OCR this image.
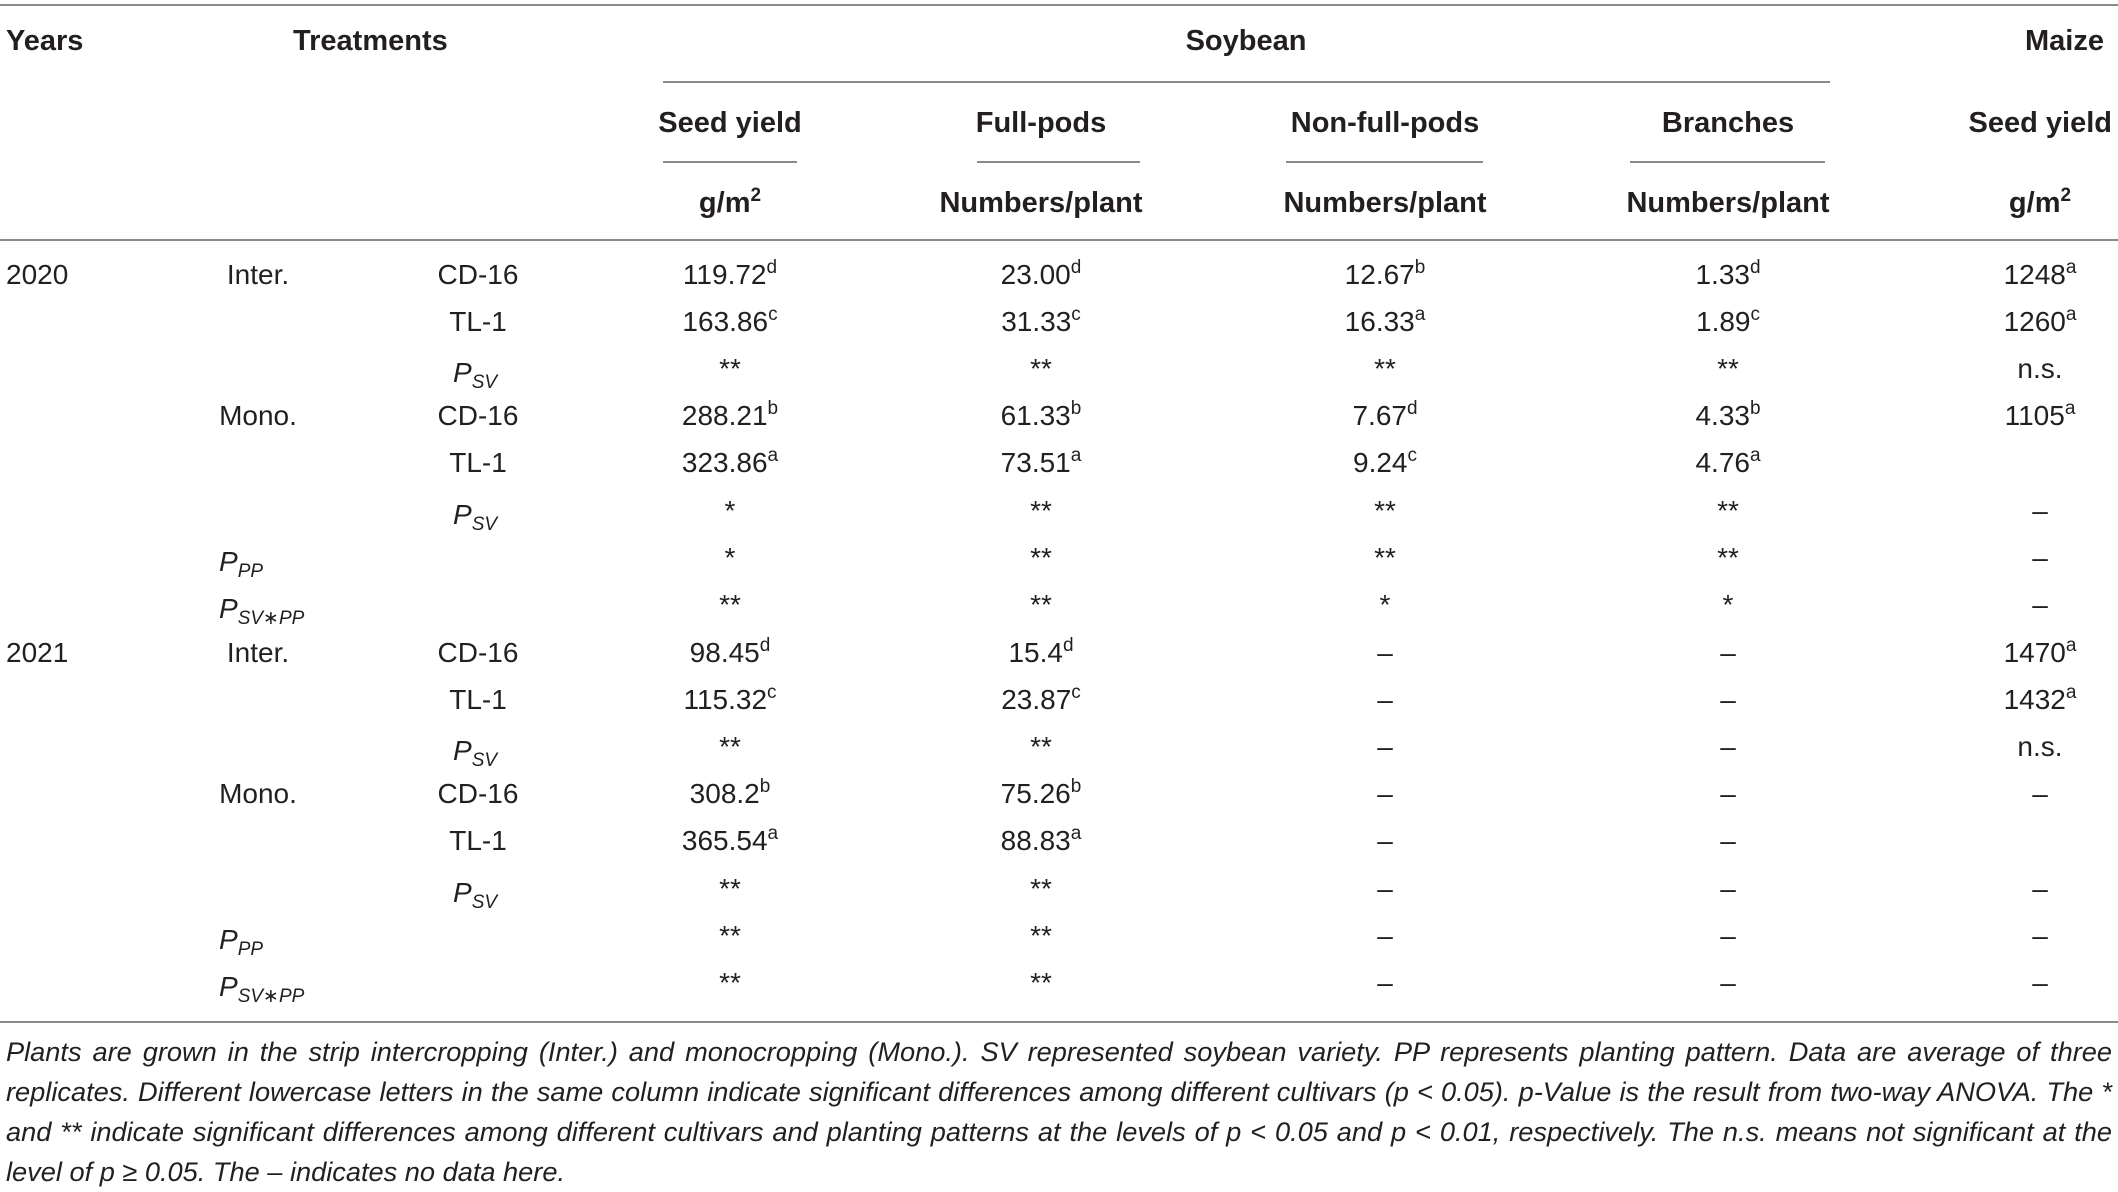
Years	Treatments	Soybean	Maize
Seed yield	Full-pods	Non-full-pods	Branches	Seed yield
$g/m^2$	Numbers/plant	Numbers/plant	Numbers/plant	$g/m^2$
2020	Inter.	CD-16	119.72$^d$	23.00$^d$	12.67$^b$	1.33$^d$	1248$^a$
TL-1	163.86$^c$	31.33$^c$	16.33$^a$	1.89$^c$	1260$^a$
$P_{SV}$	**	**	**	**	n.s.
Mono.	CD-16	288.21$^b$	61.33$^b$	7.67$^d$	4.33$^b$	1105$^a$
TL-1	323.86$^a$	73.51$^a$	9.24$^c$	4.76$^a$
$P_{SV}$	*	**	**	**	–
$P_{PP}$	*	**	**	**	–
$P_{SV∗PP}$	**	**	*	*	–
2021	Inter.	CD-16	98.45$^d$	15.4$^d$	–	–	1470$^a$
TL-1	115.32$^c$	23.87$^c$	–	–	1432$^a$
$P_{SV}$	**	**	–	–	n.s.
Mono.	CD-16	308.2$^b$	75.26$^b$	–	–	–
TL-1	365.54$^a$	88.83$^a$	–	–
$P_{SV}$	**	**	–	–	–
$P_{PP}$	**	**	–	–	–
$P_{SV∗PP}$	**	**	–	–	–
Plants are grown in the strip intercropping (Inter.) and monocropping (Mono.). SV represented soybean variety. PP represents planting pattern. Data are average of three replicates. Different lowercase letters in the same column indicate significant differences among different cultivars (p < 0.05). p-Value is the result from two-way ANOVA. The * and ** indicate significant differences among different cultivars and planting patterns at the levels of p < 0.05 and p < 0.01, respectively. The n.s. means not significant at the level of p ≥ 0.05. The – indicates no data here.
